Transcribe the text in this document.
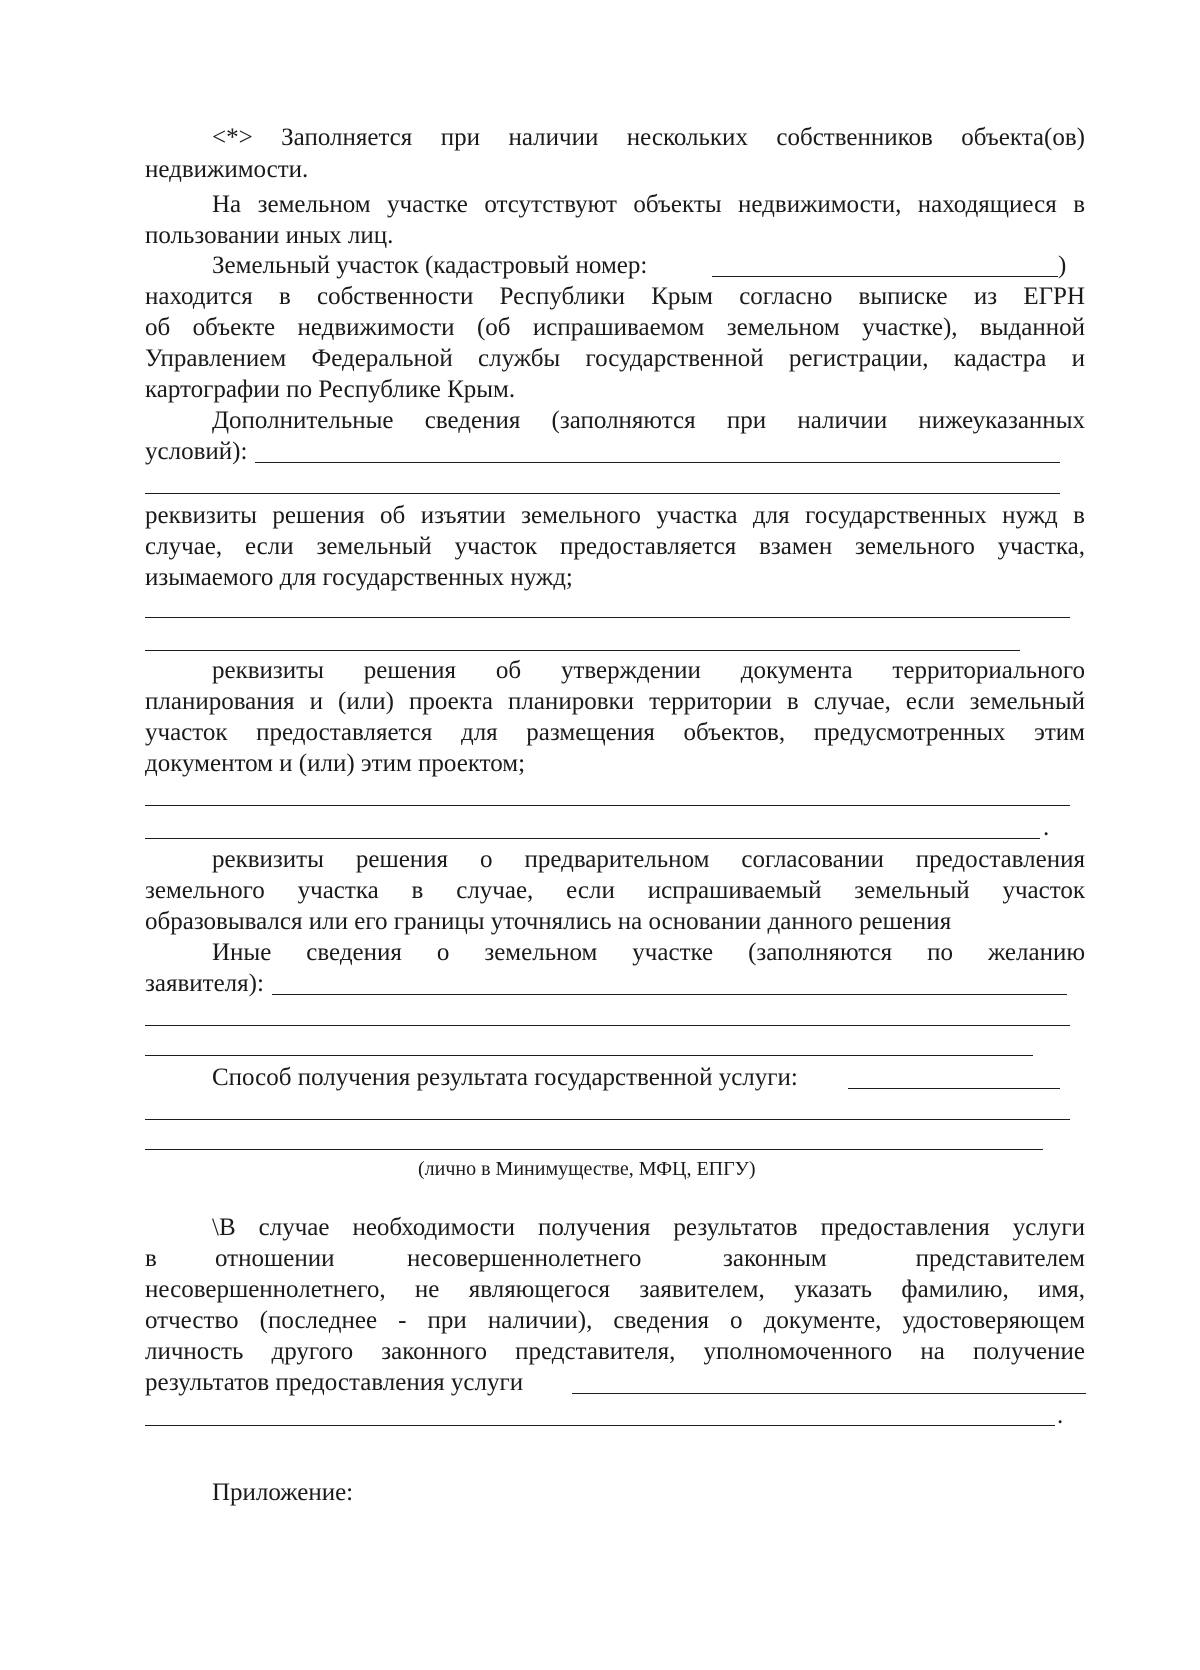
<*> Заполняется при наличии нескольких собственников объекта(ов)
недвижимости.
На земельном участке отсутствуют объекты недвижимости, находящиеся в
пользовании иных лиц.
Земельный участок (кадастровый номер:	)
находится в собственности Республики Крым согласно выписке из ЕГРН
об объекте недвижимости (об испрашиваемом земельном участке), выданной
Управлением Федеральной службы государственной регистрации, кадастра и
картографии по Республике Крым.
Дополнительные сведения (заполняются при наличии нижеуказанных
условий):
реквизиты решения об изъятии земельного участка для государственных нужд в
случае, если земельный участок предоставляется взамен земельного участка,
изымаемого для государственных нужд;
реквизиты решения об утверждении документа территориального
планирования и (или) проекта планировки территории в случае, если земельный
участок предоставляется для размещения объектов, предусмотренных этим
документом и (или) этим проектом;
.
реквизиты решения о предварительном согласовании предоставления
земельного участка в случае, если испрашиваемый земельный участок
образовывался или его границы уточнялись на основании данного решения
Иные сведения о земельном участке (заполняются по желанию
заявителя):
Способ получения результата государственной услуги:
(лично в Минимуществе, МФЦ, ЕПГУ)
\В случае необходимости получения результатов предоставления услуги
в отношении	несовершеннолетнего	законным	представителем
несовершеннолетнего, не являющегося заявителем, указать фамилию, имя,
отчество (последнее - при наличии), сведения о документе, удостоверяющем
личность другого законного представителя, уполномоченного на получение
результатов предоставления услуги
.
Приложение:
